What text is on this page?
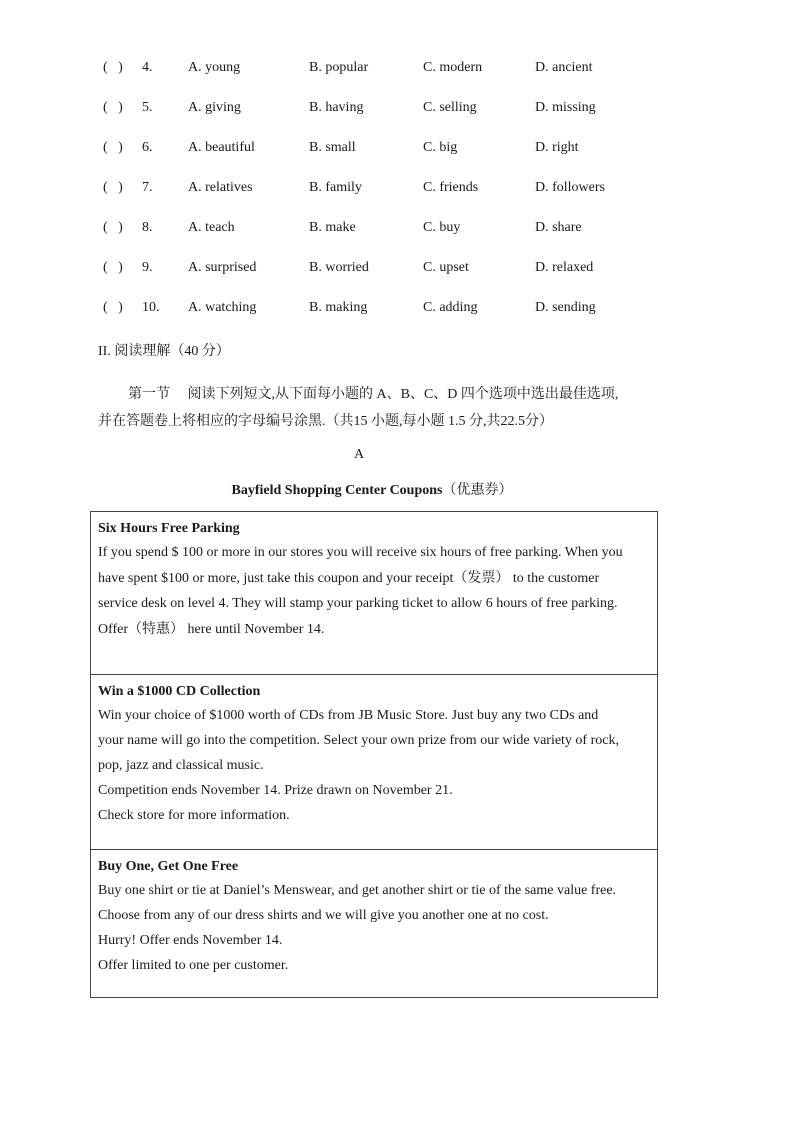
(   ) 4.	A. young	B. popular	C. modern	D. ancient
(   ) 5.	A. giving	B. having	C. selling	D. missing
(   ) 6.	A. beautiful	B. small	C. big	D. right
(   ) 7.	A. relatives	B. family	C. friends	D. followers
(   ) 8.	A. teach	B. make	C. buy	D. share
(   ) 9.	A. surprised	B. worried	C. upset	D. relaxed
(   ) 10. A. watching	B. making	C. adding	D. sending
II. 阅读理解（40 分）
第一节     阅读下列短文,从下面每小题的 A、B、C、D 四个选项中选出最佳选项,
并在答题卷上将相应的字母编号涂黑.（共15 小题,每小题 1.5 分,共22.5分）
A
Bayfield Shopping Center Coupons（优惠券）
Six Hours Free Parking
If you spend $ 100 or more in our stores you will receive six hours of free parking. When you
have spent $100 or more, just take this coupon and your receipt（发票） to the customer
service desk on level 4. They will stamp your parking ticket to allow 6 hours of free parking.
Offer（特惠） here until November 14.
Win a $1000 CD Collection
Win your choice of $1000 worth of CDs from JB Music Store. Just buy any two CDs and
your name will go into the competition. Select your own prize from our wide variety of rock,
pop, jazz and classical music.
Competition ends November 14. Prize drawn on November 21.
Check store for more information.
Buy One, Get One Free
Buy one shirt or tie at Daniel’s Menswear, and get another shirt or tie of the same value free.
Choose from any of our dress shirts and we will give you another one at no cost.
Hurry! Offer ends November 14.
Offer limited to one per customer.
